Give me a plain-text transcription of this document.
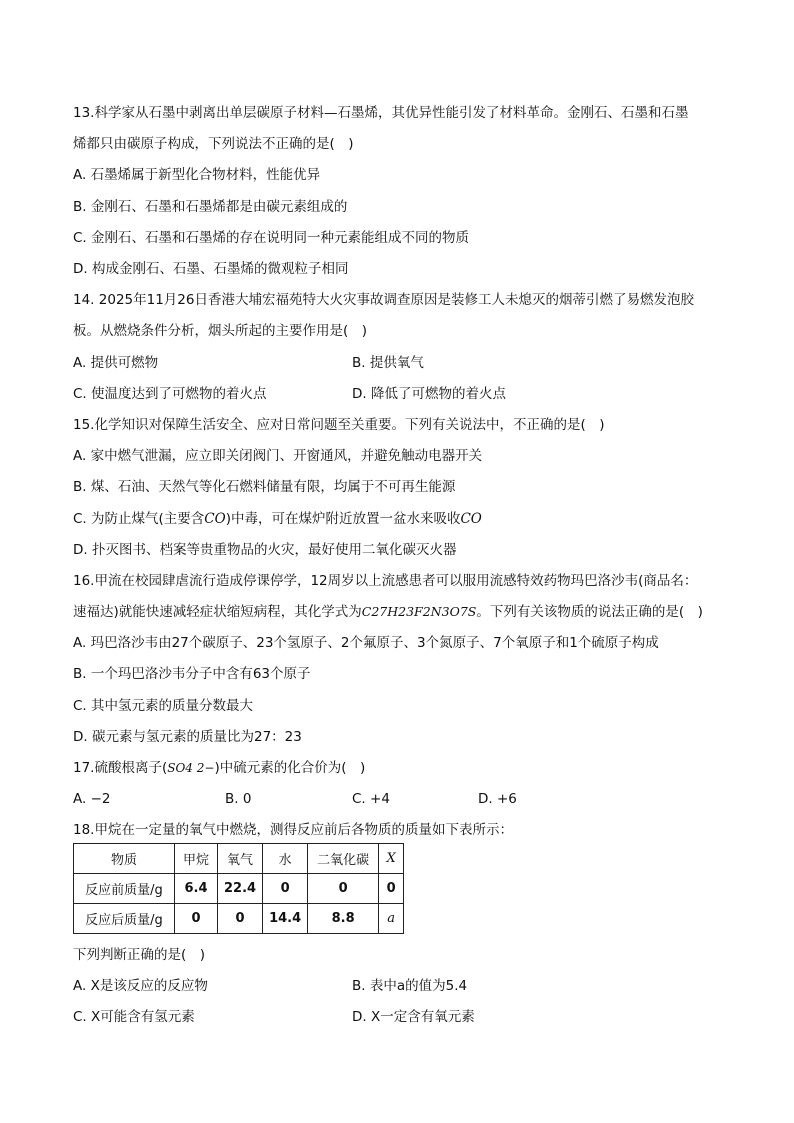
13.科学家从石墨中剥离出单层碳原子材料—石墨烯，其优异性能引发了材料革命。金刚石、石墨和石墨
烯都只由碳原子构成，下列说法不正确的是(　)
A. 石墨烯属于新型化合物材料，性能优异
B. 金刚石、石墨和石墨烯都是由碳元素组成的
C. 金刚石、石墨和石墨烯的存在说明同一种元素能组成不同的物质
D. 构成金刚石、石墨、石墨烯的微观粒子相同
14. 2025年11月26日香港大埔宏福苑特大火灾事故调查原因是装修工人未熄灭的烟蒂引燃了易燃发泡胶
板。从燃烧条件分析，烟头所起的主要作用是(　)
A. 提供可燃物	B. 提供氧气
C. 使温度达到了可燃物的着火点	D. 降低了可燃物的着火点
15.化学知识对保障生活安全、应对日常问题至关重要。下列有关说法中，不正确的是(　)
A. 家中燃气泄漏，应立即关闭阀门、开窗通风，并避免触动电器开关
B. 煤、石油、天然气等化石燃料储量有限，均属于不可再生能源
C. 为防止煤气(主要含CO)中毒，可在煤炉附近放置一盆水来吸收CO
D. 扑灭图书、档案等贵重物品的火灾，最好使用二氧化碳灭火器
16.甲流在校园肆虐流行造成停课停学，12周岁以上流感患者可以服用流感特效药物玛巴洛沙韦(商品名：
速福达)就能快速减轻症状缩短病程，其化学式为C27H23F2N3O7S。下列有关该物质的说法正确的是(　)
A. 玛巴洛沙韦由27个碳原子、23个氢原子、2个氟原子、3个氮原子、7个氧原子和1个硫原子构成
B. 一个玛巴洛沙韦分子中含有63个原子
C. 其中氢元素的质量分数最大
D. 碳元素与氢元素的质量比为27：23
17.硫酸根离子(SO4 2−)中硫元素的化合价为(　)
A. −2	B. 0	C. +4	D. +6
18.甲烷在一定量的氧气中燃烧，测得反应前后各物质的质量如下表所示：
物质	甲烷	氧气	水	二氧化碳	X
反应前质量/g	6.4	22.4	0	0	0
反应后质量/g	0	0	14.4	8.8	a
下列判断正确的是(　)
A. X是该反应的反应物	B. 表中a的值为5.4
C. X可能含有氢元素	D. X一定含有氧元素
